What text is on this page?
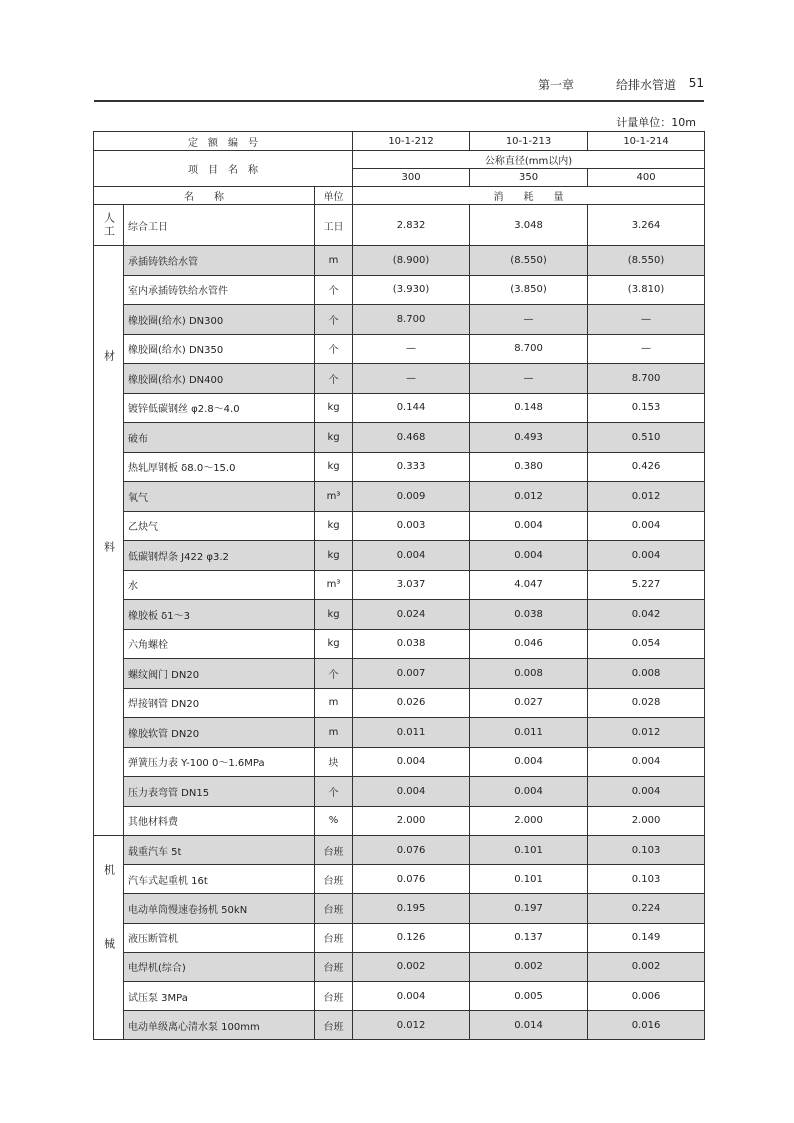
第一章	给排水管道 51
计量单位：10m
定　额　编　号			10-1-212	10-1-213	10-1-214
项　目　名　称			公称直径(mm以内)		
			300	350	400
名　　称		单位	消　　耗　　量		
人工	综合工日	工日	2.832	3.048	3.264
材料	承插铸铁给水管	m	(8.900)	(8.550)	(8.550)
	室内承插铸铁给水管件	个	(3.930)	(3.850)	(3.810)
	橡胶圈(给水) DN300	个	8.700	—	—
	橡胶圈(给水) DN350	个	—	8.700	—
	橡胶圈(给水) DN400	个	—	—	8.700
	镀锌低碳钢丝 φ2.8～4.0	kg	0.144	0.148	0.153
	破布	kg	0.468	0.493	0.510
	热轧厚钢板 δ8.0～15.0	kg	0.333	0.380	0.426
	氧气	m³	0.009	0.012	0.012
	乙炔气	kg	0.003	0.004	0.004
	低碳钢焊条 J422 φ3.2	kg	0.004	0.004	0.004
	水	m³	3.037	4.047	5.227
	橡胶板 δ1～3	kg	0.024	0.038	0.042
	六角螺栓	kg	0.038	0.046	0.054
	螺纹阀门 DN20	个	0.007	0.008	0.008
	焊接钢管 DN20	m	0.026	0.027	0.028
	橡胶软管 DN20	m	0.011	0.011	0.012
	弹簧压力表 Y-100 0～1.6MPa	块	0.004	0.004	0.004
	压力表弯管 DN15	个	0.004	0.004	0.004
	其他材料费	%	2.000	2.000	2.000
机械	载重汽车 5t	台班	0.076	0.101	0.103
	汽车式起重机 16t	台班	0.076	0.101	0.103
	电动单筒慢速卷扬机 50kN	台班	0.195	0.197	0.224
	液压断管机	台班	0.126	0.137	0.149
	电焊机(综合)	台班	0.002	0.002	0.002
	试压泵 3MPa	台班	0.004	0.005	0.006
	电动单级离心清水泵 100mm	台班	0.012	0.014	0.016
